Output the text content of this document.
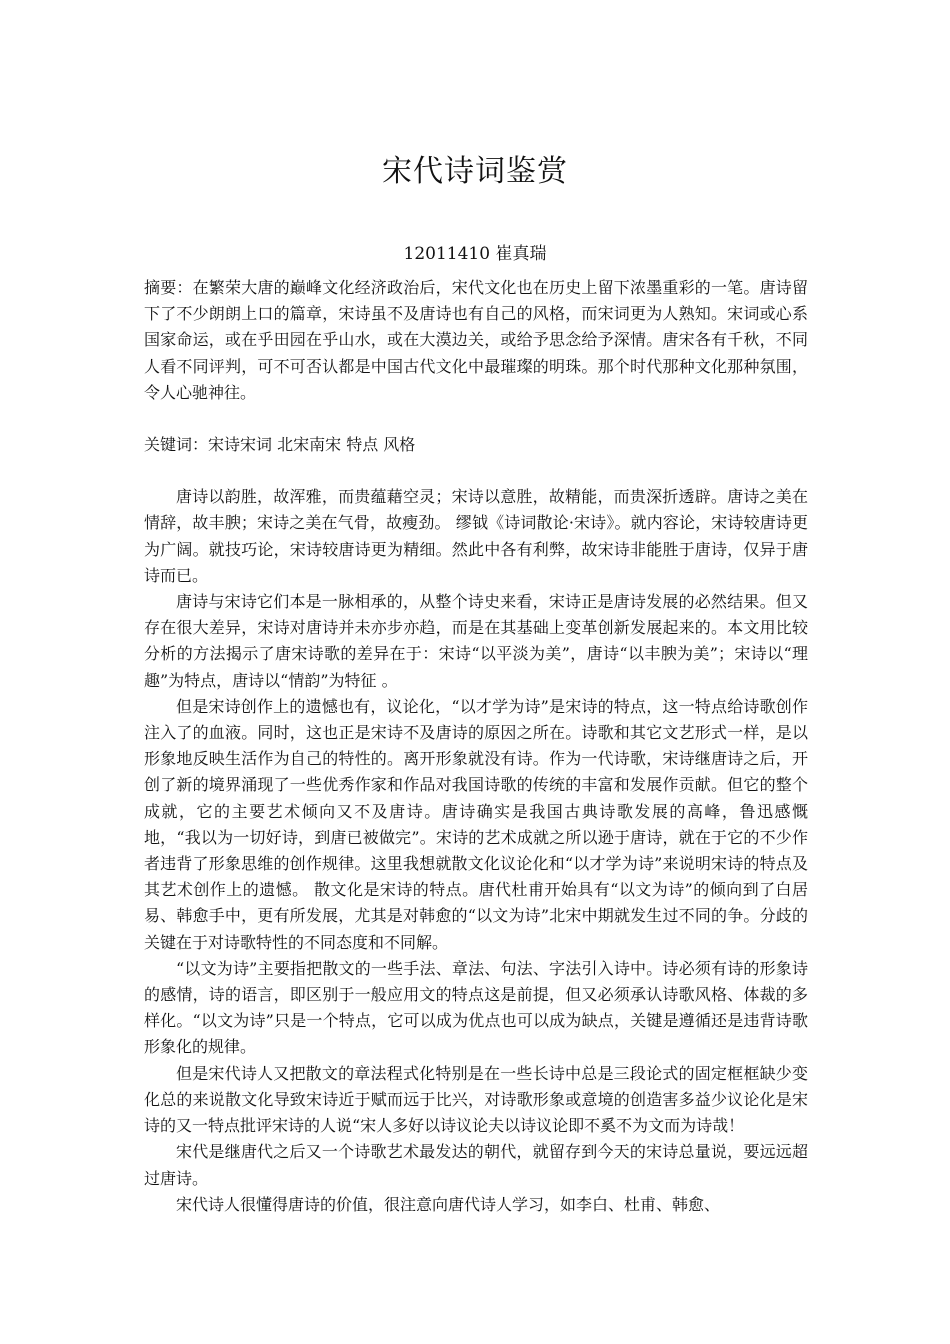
宋代诗词鉴赏
12011410 崔真瑞

摘要：在繁荣大唐的巅峰文化经济政治后，宋代文化也在历史上留下浓墨重彩的一笔。唐诗留下了不少朗朗上口的篇章，宋诗虽不及唐诗也有自己的风格，而宋词更为人熟知。宋词或心系国家命运，或在乎田园在乎山水，或在大漠边关，或给予思念给予深情。唐宋各有千秋，不同人看不同评判，可不可否认都是中国古代文化中最璀璨的明珠。那个时代那种文化那种氛围，令人心驰神往。

关键词：宋诗宋词 北宋南宋 特点 风格

唐诗以韵胜，故浑雅，而贵蕴藉空灵；宋诗以意胜，故精能，而贵深折透辟。唐诗之美在情辞，故丰腴；宋诗之美在气骨，故瘦劲。 缪钺《诗词散论·宋诗》。就内容论，宋诗较唐诗更为广阔。就技巧论，宋诗较唐诗更为精细。然此中各有利弊，故宋诗非能胜于唐诗，仅异于唐诗而已。

唐诗与宋诗它们本是一脉相承的，从整个诗史来看，宋诗正是唐诗发展的必然结果。但又存在很大差异，宋诗对唐诗并未亦步亦趋，而是在其基础上变革创新发展起来的。本文用比较分析的方法揭示了唐宋诗歌的差异在于：宋诗“以平淡为美”，唐诗“以丰腴为美”；宋诗以“理趣”为特点，唐诗以“情韵”为特征 。

但是宋诗创作上的遗憾也有，议论化，“以才学为诗”是宋诗的特点，这一特点给诗歌创作注入了的血液。同时，这也正是宋诗不及唐诗的原因之所在。诗歌和其它文艺形式一样，是以形象地反映生活作为自己的特性的。离开形象就没有诗。作为一代诗歌，宋诗继唐诗之后，开创了新的境界涌现了一些优秀作家和作品对我国诗歌的传统的丰富和发展作贡献。但它的整个成就，它的主要艺术倾向又不及唐诗。唐诗确实是我国古典诗歌发展的高峰，鲁迅感慨地，“我以为一切好诗，到唐已被做完”。宋诗的艺术成就之所以逊于唐诗，就在于它的不少作者违背了形象思维的创作规律。这里我想就散文化议论化和“以才学为诗”来说明宋诗的特点及其艺术创作上的遗憾。 散文化是宋诗的特点。唐代杜甫开始具有“以文为诗”的倾向到了白居易、韩愈手中，更有所发展，尤其是对韩愈的“以文为诗”北宋中期就发生过不同的争。分歧的关键在于对诗歌特性的不同态度和不同解。

“以文为诗”主要指把散文的一些手法、章法、句法、字法引入诗中。诗必须有诗的形象诗的感情，诗的语言，即区别于一般应用文的特点这是前提，但又必须承认诗歌风格、体裁的多样化。“以文为诗”只是一个特点，它可以成为优点也可以成为缺点，关键是遵循还是违背诗歌形象化的规律。

但是宋代诗人又把散文的章法程式化特别是在一些长诗中总是三段论式的固定框框缺少变化总的来说散文化导致宋诗近于赋而远于比兴，对诗歌形象或意境的创造害多益少议论化是宋诗的又一特点批评宋诗的人说“宋人多好以诗议论夫以诗议论即不奚不为文而为诗哉！

宋代是继唐代之后又一个诗歌艺术最发达的朝代，就留存到今天的宋诗总量说，要远远超过唐诗。

宋代诗人很懂得唐诗的价值，很注意向唐代诗人学习，如李白、杜甫、韩愈、
